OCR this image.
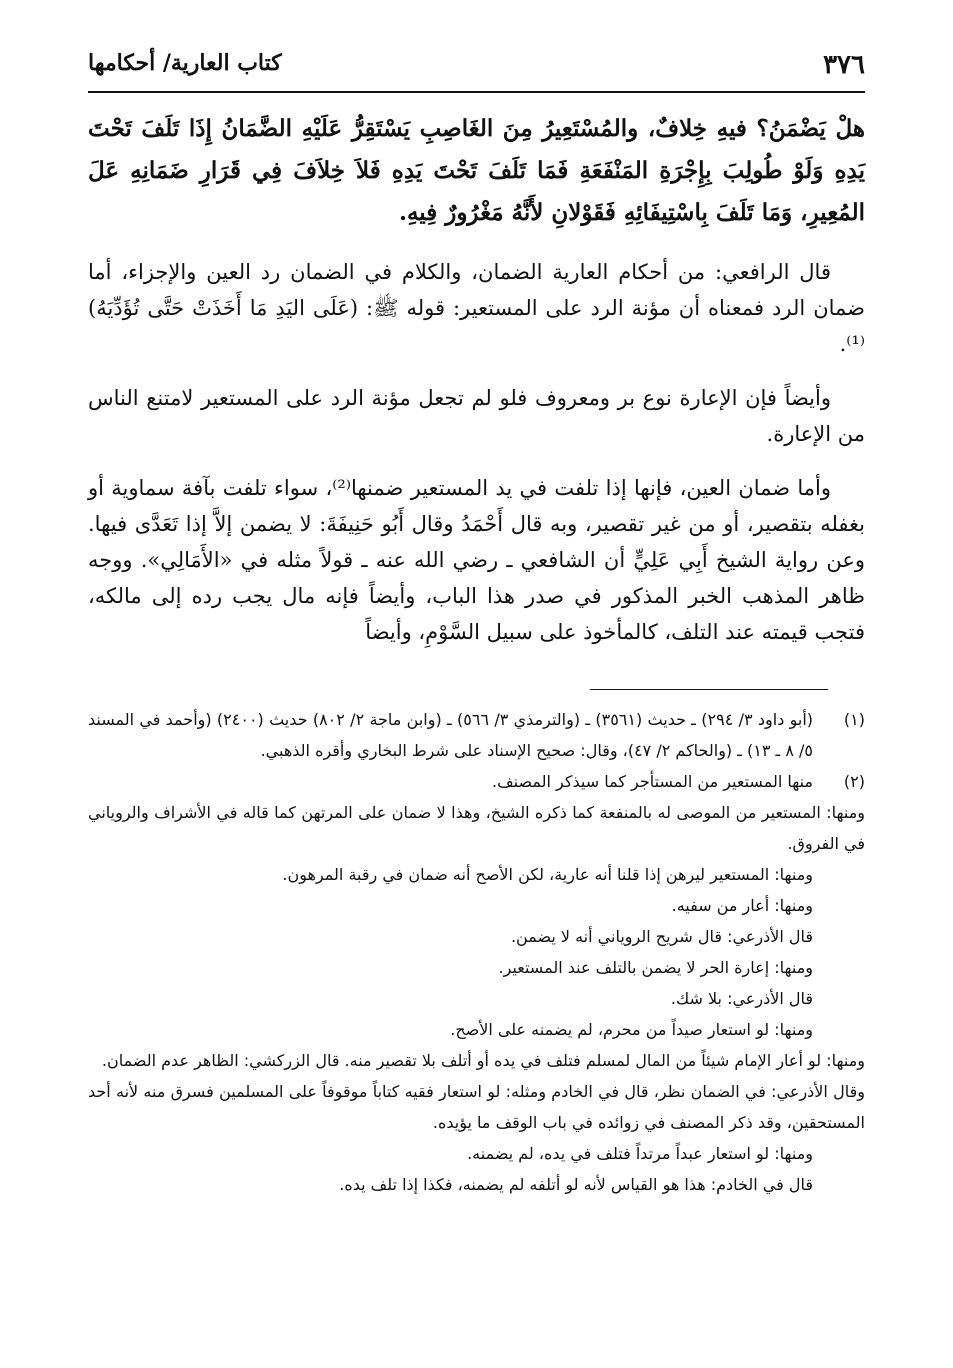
٣٧٦
كتاب العارية/ أحكامها

هلْ يَضْمَنُ؟ فيهِ خِلافٌ، والمُسْتَعِيرُ مِنَ الغَاصِبِ يَسْتَقِرُّ عَلَيْهِ الضَّمَانُ إِذَا تَلَفَ تَحْتَ يَدِهِ وَلَوْ طُولِبَ بِإِجْرَةِ المَنْفَعَةِ فَمَا تَلَفَ تَحْتَ يَدِهِ فَلاَ خِلاَفَ فِي قَرَارِ ضَمَانِهِ عَلَ المُعِيرِ، وَمَا تَلَفَ بِاسْتِيفَائِهِ فَقَوْلانِ لأَنَّهُ مَغْرُورٌ فِيهِ.

قال الرافعي: من أحكام العارية الضمان، والكلام في الضمان رد العين والإجزاء، أما ضمان الرد فمعناه أن مؤنة الرد على المستعير: قوله ﷺ: (عَلَى اليَدِ مَا أَخَذَتْ حَتَّى تُؤَدِّيَهُ)⁽¹⁾.

وأيضاً فإن الإعارة نوع بر ومعروف فلو لم تجعل مؤنة الرد على المستعير لامتنع الناس من الإعارة.

وأما ضمان العين، فإنها إذا تلفت في يد المستعير ضمنها⁽²⁾، سواء تلفت بآفة سماوية أو بغفله بتقصير، أو من غير تقصير، وبه قال أَحْمَدُ وقال أَبُو حَنِيفَةَ: لا يضمن إلاَّ إذا تَعَدَّى فيها. وعن رواية الشيخ أَبِي عَلِيٍّ أن الشافعي ـ رضي الله عنه ـ قولاً مثله في «الأَمَالِي». ووجه ظاهر المذهب الخبر المذكور في صدر هذا الباب، وأيضاً فإنه مال يجب رده إلى مالكه، فتجب قيمته عند التلف، كالمأخوذ على سبيل السَّوْمِ، وأيضاً

(١)
(أبو داود ٣/ ٢٩٤) ـ حديث (٣٥٦١) ـ (والترمذي ٣/ ٥٦٦) ـ (وابن ماجة ٢/ ٨٠٢) حديث (٢٤٠٠) (وأحمد في المسند ٥/ ٨ ـ ١٣) ـ (والحاكم ٢/ ٤٧)، وقال: صحيح الإسناد على شرط البخاري وأقره الذهبي.
(٢)
منها المستعير من المستأجر كما سيذكر المصنف.

ومنها: المستعير من الموصى له بالمنفعة كما ذكره الشيخ، وهذا لا ضمان على المرتهن كما قاله في الأشراف والروياني في الفروق.

ومنها: المستعير ليرهن إذا قلنا أنه عارية، لكن الأصح أنه ضمان في رقبة المرهون.

ومنها: أعار من سفيه.

قال الأذرعي: قال شريح الروياني أنه لا يضمن.

ومنها: إعارة الحر لا يضمن بالتلف عند المستعير.

قال الأذرعي: بلا شك.

ومنها: لو استعار صيداً من محرم، لم يضمنه على الأصح.

ومنها: لو أعار الإمام شيئاً من المال لمسلم فتلف في يده أو أتلف بلا تقصير منه. قال الزركشي: الظاهر عدم الضمان.

وقال الأذرعي: في الضمان نظر، قال في الخادم ومثله: لو استعار فقيه كتاباً موقوفاً على المسلمين فسرق منه لأنه أحد المستحقين، وقد ذكر المصنف في زوائده في باب الوقف ما يؤيده.

ومنها: لو استعار عبداً مرتداً فتلف في يده، لم يضمنه.

قال في الخادم: هذا هو القياس لأنه لو أتلفه لم يضمنه، فكذا إذا تلف يده.
